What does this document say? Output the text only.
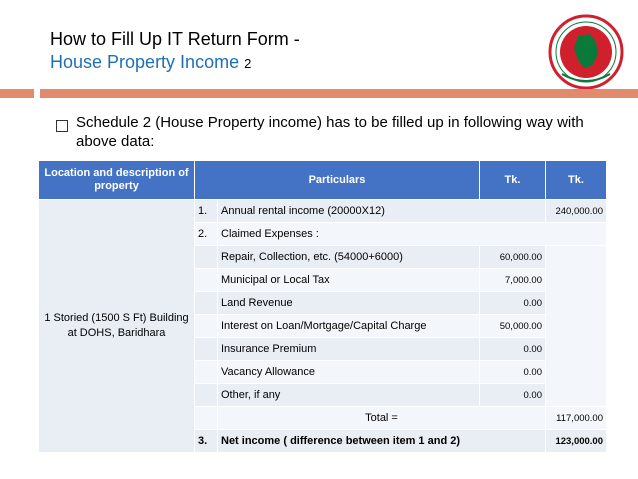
How to Fill Up IT Return Form -
House Property Income 2
Schedule 2 (House Property income) has to be filled up in following way with above data:
Location and description of property	Particulars		Tk.	Tk.
1 Storied (1500 S Ft) Building at DOHS, Baridhara	1.	Annual rental income (20000X12)		240,000.00
	2.	Claimed Expenses :		
		Repair, Collection, etc. (54000+6000)	60,000.00	
		Municipal or Local Tax	7,000.00	
		Land Revenue	0.00	
		Interest on Loan/Mortgage/Capital Charge	50,000.00	
		Insurance Premium	0.00	
		Vacancy Allowance	0.00	
		Other, if any	0.00	
		Total =		117,000.00
	3.	Net income ( difference between item 1 and 2)		123,000.00
